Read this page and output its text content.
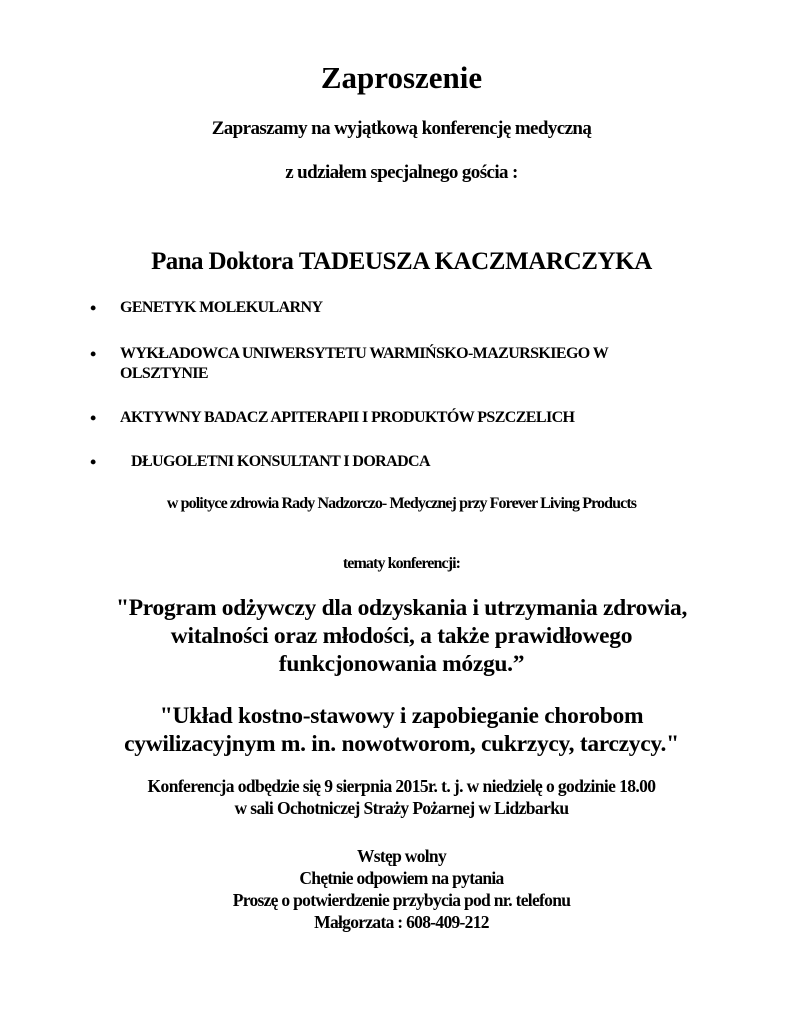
Zaproszenie
Zapraszamy na wyjątkową konferencję medyczną
z udziałem specjalnego gościa :
Pana Doktora TADEUSZA KACZMARCZYKA
• GENETYK MOLEKULARNY
• WYKŁADOWCA UNIWERSYTETU WARMIŃSKO-MAZURSKIEGO W
OLSZTYNIE
• AKTYWNY BADACZ APITERAPII I PRODUKTÓW PSZCZELICH
• DŁUGOLETNI KONSULTANT I DORADCA
w polityce zdrowia Rady Nadzorczo- Medycznej przy Forever Living Products
tematy konferencji:
"Program odżywczy dla odzyskania i utrzymania zdrowia,
witalności oraz młodości, a także prawidłowego
funkcjonowania mózgu.”
"Układ kostno-stawowy i zapobieganie chorobom
cywilizacyjnym m. in. nowotworom, cukrzycy, tarczycy."
Konferencja odbędzie się 9 sierpnia 2015r. t. j. w niedzielę o godzinie 18.00
w sali Ochotniczej Straży Pożarnej w Lidzbarku
Wstęp wolny
Chętnie odpowiem na pytania
Proszę o potwierdzenie przybycia pod nr. telefonu
Małgorzata : 608-409-212
